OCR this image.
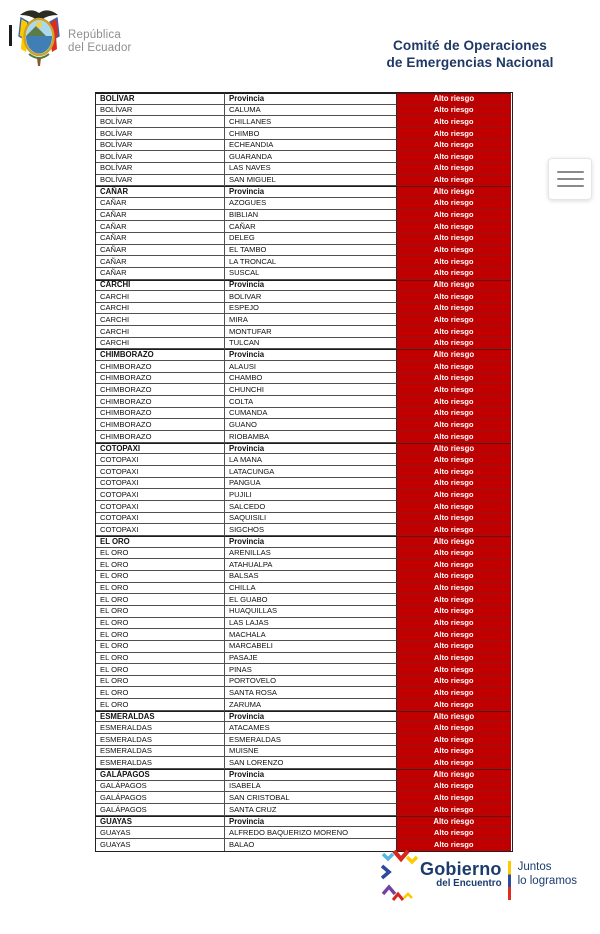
República
del Ecuador	Comité de Operaciones
de Emergencias Nacional
BOLÍVAR	Provincia	Alto riesgo
BOLÍVAR	CALUMA	Alto riesgo
BOLÍVAR	CHILLANES	Alto riesgo
BOLÍVAR	CHIMBO	Alto riesgo
BOLÍVAR	ECHEANDIA	Alto riesgo
BOLÍVAR	GUARANDA	Alto riesgo
BOLÍVAR	LAS NAVES	Alto riesgo
BOLÍVAR	SAN MIGUEL	Alto riesgo
CAÑAR	Provincia	Alto riesgo
CAÑAR	AZOGUES	Alto riesgo
CAÑAR	BIBLIAN	Alto riesgo
CAÑAR	CAÑAR	Alto riesgo
CAÑAR	DELEG	Alto riesgo
CAÑAR	EL TAMBO	Alto riesgo
CAÑAR	LA TRONCAL	Alto riesgo
CAÑAR	SUSCAL	Alto riesgo
CARCHI	Provincia	Alto riesgo
CARCHI	BOLIVAR	Alto riesgo
CARCHI	ESPEJO	Alto riesgo
CARCHI	MIRA	Alto riesgo
CARCHI	MONTUFAR	Alto riesgo
CARCHI	TULCAN	Alto riesgo
CHIMBORAZO	Provincia	Alto riesgo
CHIMBORAZO	ALAUSI	Alto riesgo
CHIMBORAZO	CHAMBO	Alto riesgo
CHIMBORAZO	CHUNCHI	Alto riesgo
CHIMBORAZO	COLTA	Alto riesgo
CHIMBORAZO	CUMANDA	Alto riesgo
CHIMBORAZO	GUANO	Alto riesgo
CHIMBORAZO	RIOBAMBA	Alto riesgo
COTOPAXI	Provincia	Alto riesgo
COTOPAXI	LA MANA	Alto riesgo
COTOPAXI	LATACUNGA	Alto riesgo
COTOPAXI	PANGUA	Alto riesgo
COTOPAXI	PUJILI	Alto riesgo
COTOPAXI	SALCEDO	Alto riesgo
COTOPAXI	SAQUISILI	Alto riesgo
COTOPAXI	SIGCHOS	Alto riesgo
EL ORO	Provincia	Alto riesgo
EL ORO	ARENILLAS	Alto riesgo
EL ORO	ATAHUALPA	Alto riesgo
EL ORO	BALSAS	Alto riesgo
EL ORO	CHILLA	Alto riesgo
EL ORO	EL GUABO	Alto riesgo
EL ORO	HUAQUILLAS	Alto riesgo
EL ORO	LAS LAJAS	Alto riesgo
EL ORO	MACHALA	Alto riesgo
EL ORO	MARCABELI	Alto riesgo
EL ORO	PASAJE	Alto riesgo
EL ORO	PINAS	Alto riesgo
EL ORO	PORTOVELO	Alto riesgo
EL ORO	SANTA ROSA	Alto riesgo
EL ORO	ZARUMA	Alto riesgo
ESMERALDAS	Provincia	Alto riesgo
ESMERALDAS	ATACAMES	Alto riesgo
ESMERALDAS	ESMERALDAS	Alto riesgo
ESMERALDAS	MUISNE	Alto riesgo
ESMERALDAS	SAN LORENZO	Alto riesgo
GALÁPAGOS	Provincia	Alto riesgo
GALÁPAGOS	ISABELA	Alto riesgo
GALÁPAGOS	SAN CRISTOBAL	Alto riesgo
GALÁPAGOS	SANTA CRUZ	Alto riesgo
GUAYAS	Provincia	Alto riesgo
GUAYAS	ALFREDO BAQUERIZO MORENO	Alto riesgo
GUAYAS	BALAO	Alto riesgo
Gobierno
del Encuentro
Juntos
lo logramos
